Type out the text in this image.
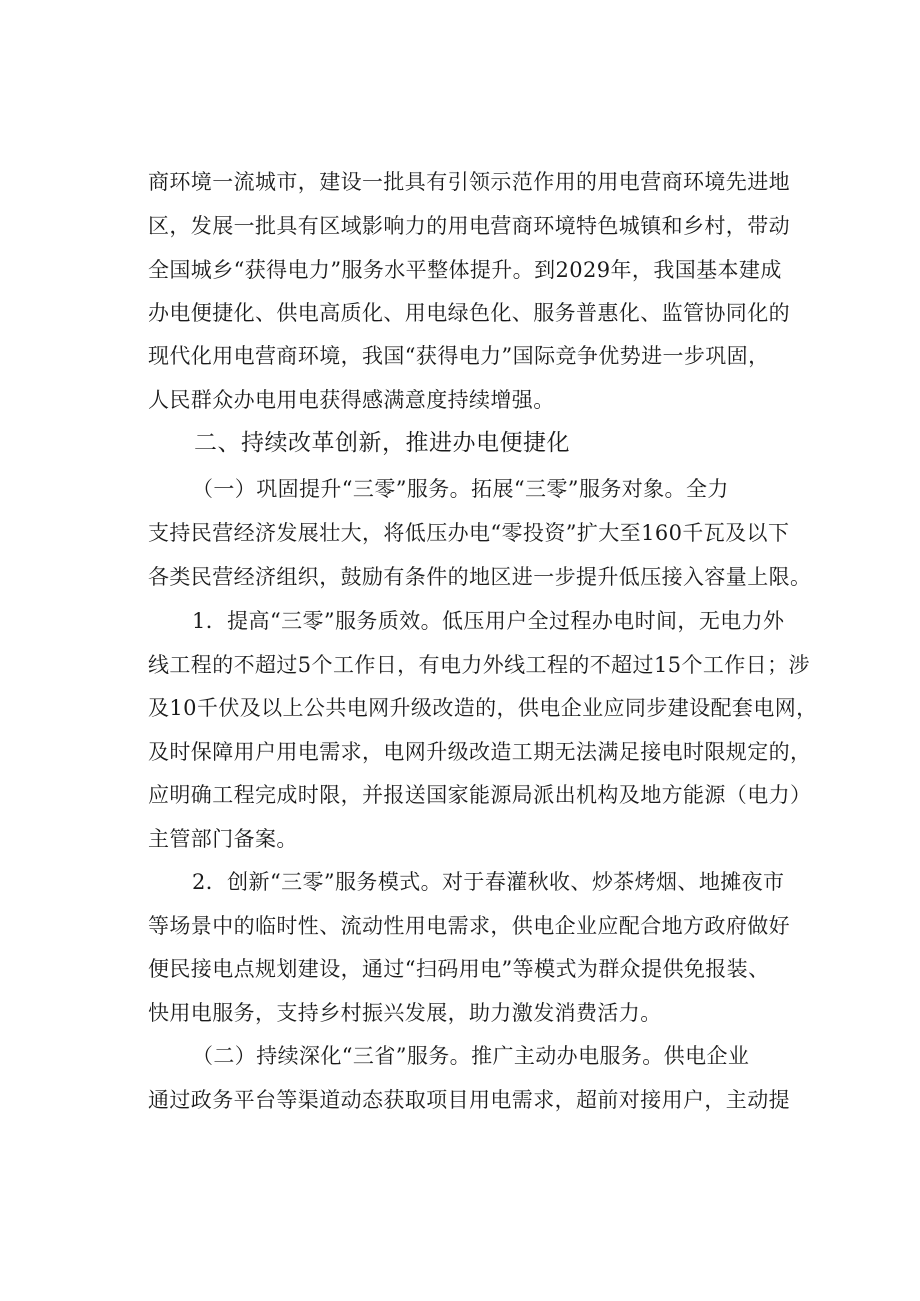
商环境一流城市，建设一批具有引领示范作用的用电营商环境先进地
区，发展一批具有区域影响力的用电营商环境特色城镇和乡村，带动
全国城乡“获得电力”服务水平整体提升。到2029年，我国基本建成
办电便捷化、供电高质化、用电绿色化、服务普惠化、监管协同化的
现代化用电营商环境，我国“获得电力”国际竞争优势进一步巩固，
人民群众办电用电获得感满意度持续增强。
二、持续改革创新，推进办电便捷化
（一）巩固提升“三零”服务。拓展“三零”服务对象。全力
支持民营经济发展壮大，将低压办电“零投资”扩大至160千瓦及以下
各类民营经济组织，鼓励有条件的地区进一步提升低压接入容量上限。
1．提高“三零”服务质效。低压用户全过程办电时间，无电力外
线工程的不超过5个工作日，有电力外线工程的不超过15个工作日；涉
及10千伏及以上公共电网升级改造的，供电企业应同步建设配套电网，
及时保障用户用电需求，电网升级改造工期无法满足接电时限规定的，
应明确工程完成时限，并报送国家能源局派出机构及地方能源（电力）
主管部门备案。
2．创新“三零”服务模式。对于春灌秋收、炒茶烤烟、地摊夜市
等场景中的临时性、流动性用电需求，供电企业应配合地方政府做好
便民接电点规划建设，通过“扫码用电”等模式为群众提供免报装、
快用电服务，支持乡村振兴发展，助力激发消费活力。
（二）持续深化“三省”服务。推广主动办电服务。供电企业
通过政务平台等渠道动态获取项目用电需求，超前对接用户，主动提
